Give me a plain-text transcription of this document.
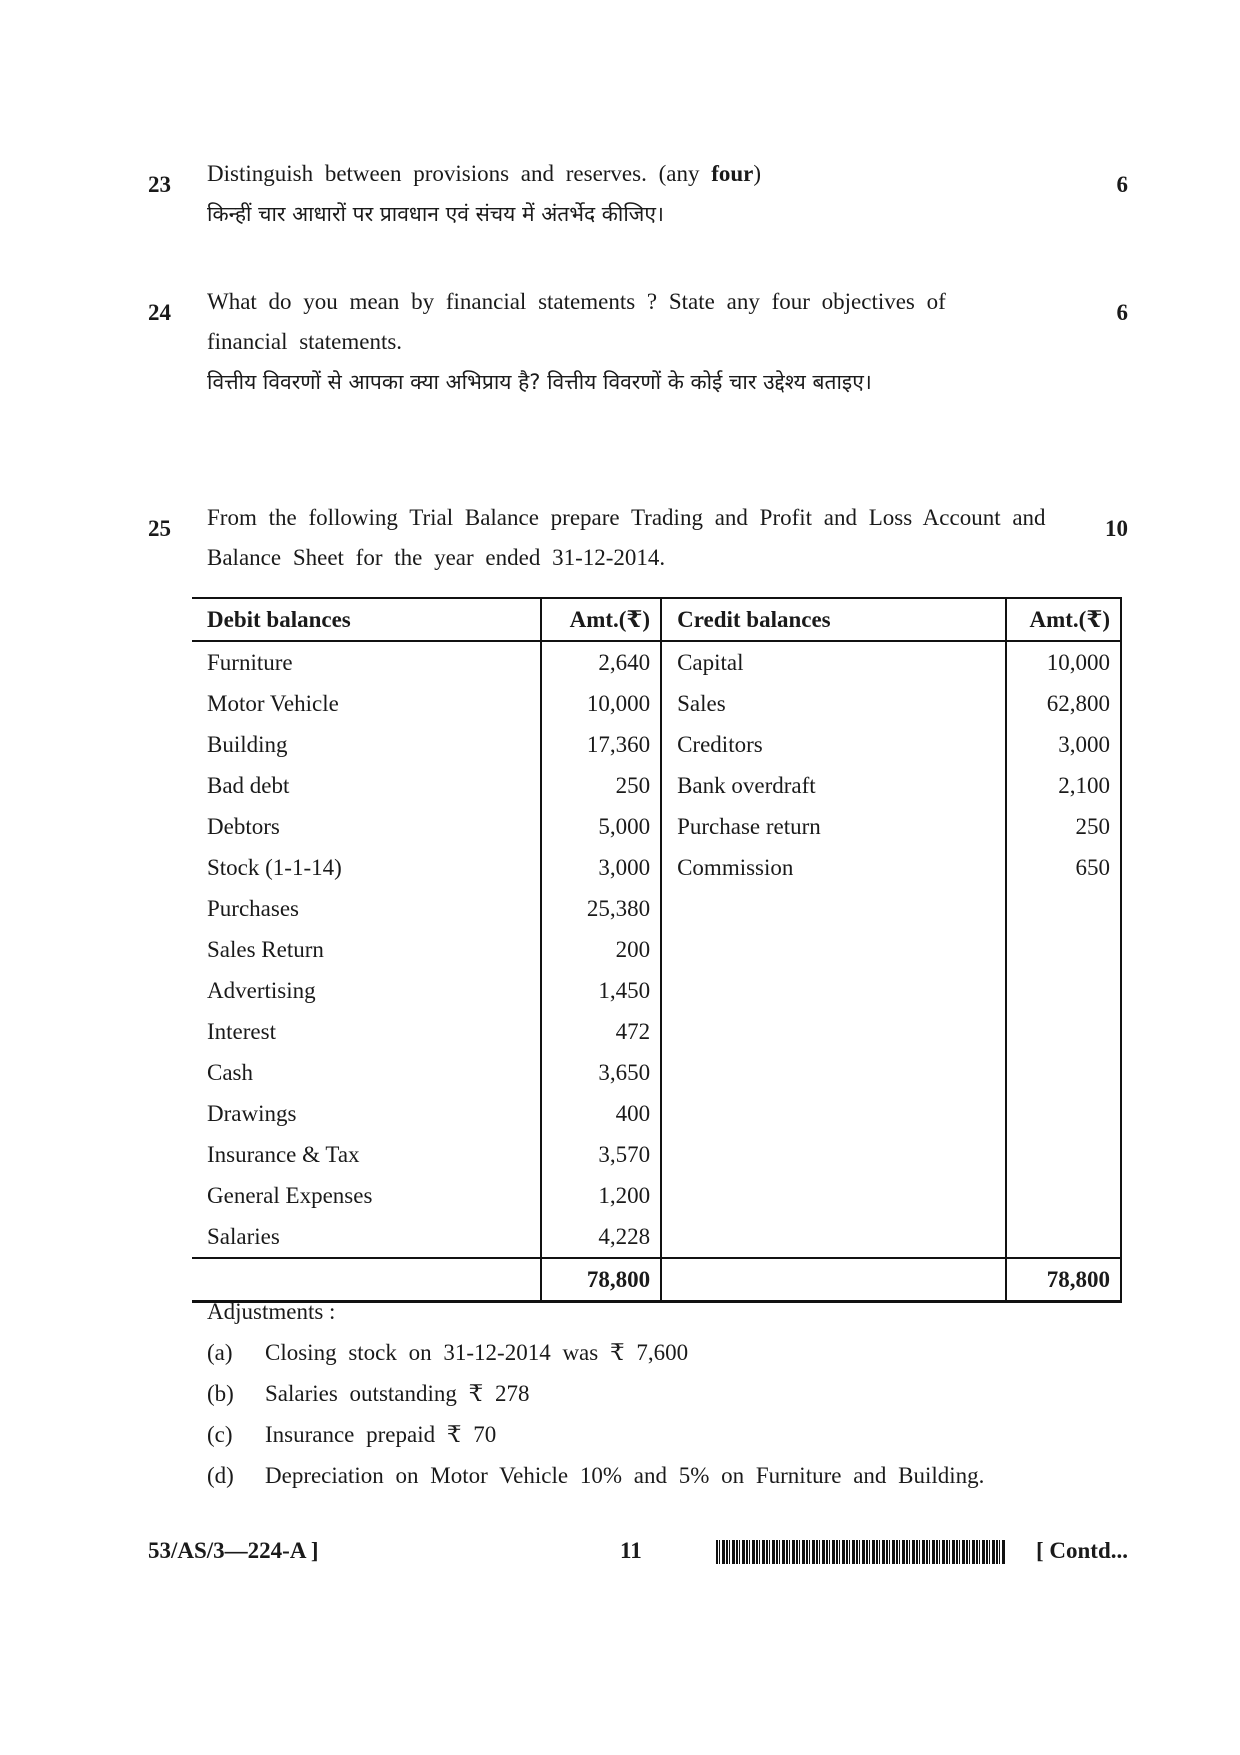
23	Distinguish between provisions and reserves. (any four)
किन्हीं चार आधारों पर प्रावधान एवं संचय में अंतर्भेद कीजिए।
6
24	What do you mean by financial statements ? State any four objectives of financial statements.
वित्तीय विवरणों से आपका क्या अभिप्राय है? वित्तीय विवरणों के कोई चार उद्देश्य बताइए।
6
25	From the following Trial Balance prepare Trading and Profit and Loss Account and Balance Sheet for the year ended 31-12-2014.
10
Debit balances	Amt.(₹)	Credit balances	Amt.(₹)
Furniture	2,640	Capital	10,000
Motor Vehicle	10,000	Sales	62,800
Building	17,360	Creditors	3,000
Bad debt	250	Bank overdraft	2,100
Debtors	5,000	Purchase return	250
Stock (1-1-14)	3,000	Commission	650
Purchases	25,380		
Sales Return	200		
Advertising	1,450		
Interest	472		
Cash	3,650		
Drawings	400		
Insurance & Tax	3,570		
General Expenses	1,200		
Salaries	4,228		
	78,800		78,800
Adjustments :
(a)	Closing stock on 31-12-2014 was ₹ 7,600
(b)	Salaries outstanding ₹ 278
(c)	Insurance prepaid ₹ 70
(d)	Depreciation on Motor Vehicle 10% and 5% on Furniture and Building.
53/AS/3—224-A ]	11	[ Contd...
